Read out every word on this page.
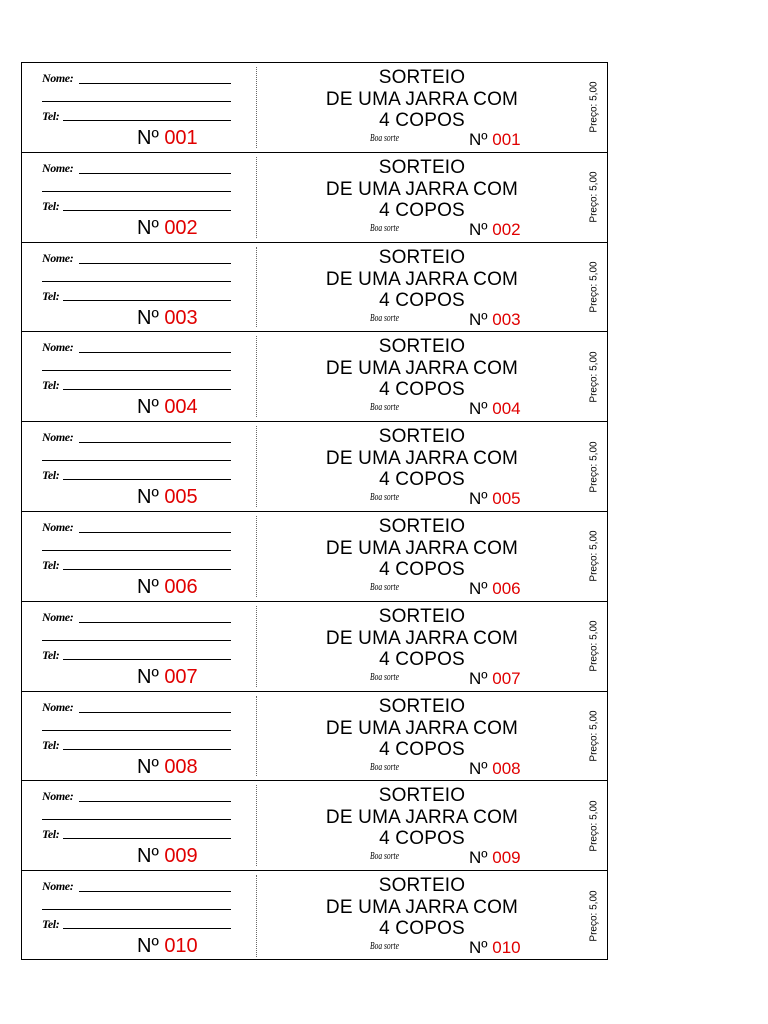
Nome:
Tel:
Nº 001
SORTEIO
DE UMA JARRA COM
4 COPOS
Boa sorte	Nº 001
Preço: 5,00
Nome:
Tel:
Nº 002
SORTEIO
DE UMA JARRA COM
4 COPOS
Boa sorte	Nº 002
Preço: 5,00
Nome:
Tel:
Nº 003
SORTEIO
DE UMA JARRA COM
4 COPOS
Boa sorte	Nº 003
Preço: 5,00
Nome:
Tel:
Nº 004
SORTEIO
DE UMA JARRA COM
4 COPOS
Boa sorte	Nº 004
Preço: 5,00
Nome:
Tel:
Nº 005
SORTEIO
DE UMA JARRA COM
4 COPOS
Boa sorte	Nº 005
Preço: 5,00
Nome:
Tel:
Nº 006
SORTEIO
DE UMA JARRA COM
4 COPOS
Boa sorte	Nº 006
Preço: 5,00
Nome:
Tel:
Nº 007
SORTEIO
DE UMA JARRA COM
4 COPOS
Boa sorte	Nº 007
Preço: 5,00
Nome:
Tel:
Nº 008
SORTEIO
DE UMA JARRA COM
4 COPOS
Boa sorte	Nº 008
Preço: 5,00
Nome:
Tel:
Nº 009
SORTEIO
DE UMA JARRA COM
4 COPOS
Boa sorte	Nº 009
Preço: 5,00
Nome:
Tel:
Nº 010
SORTEIO
DE UMA JARRA COM
4 COPOS
Boa sorte	Nº 010
Preço: 5,00
